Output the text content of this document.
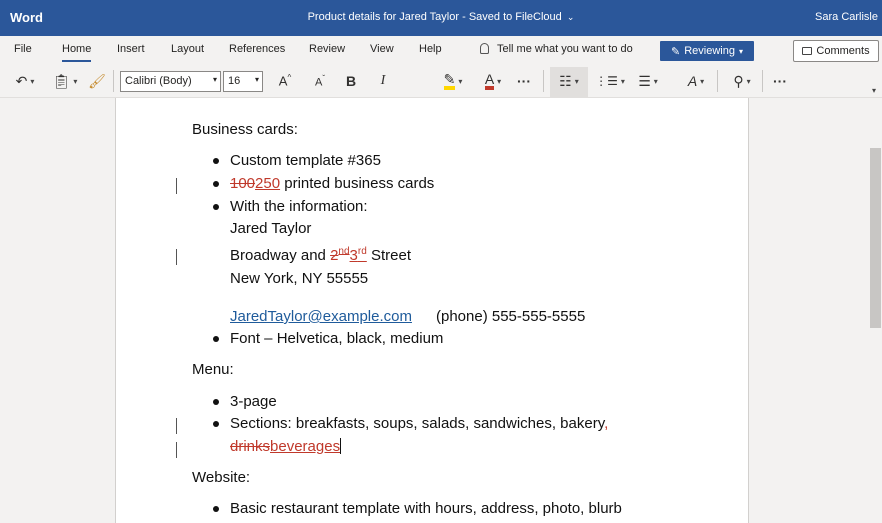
Word	Product details for Jared Taylor - Saved to FileCloud ⌄	Sara Carlisle
File	Home Insert Layout References Review View Help	Tell me what you want to do	✎ Reviewing ▾	Comments
↶ ▾ 📋︎ ▾ 🖌︎	A^ $A^ˇ$ B I	✎ ▾ A ▾ ···	⋮☰ ▾ ☰ ▾ A ▾ ⚲ ▾ ···
☷ ▾
Calibri (Body)	▾	16 ▾
▾
Business cards:
Custom template #365
100250 printed business cards
With the information:
Jared Taylor
Broadway and 2nd3rd Street
New York, NY 55555
JaredTaylor@example.com (phone) 555-555-5555
Font – Helvetica, black, medium
Menu:
3-page
Sections: breakfasts, soups, salads, sandwiches, bakery,
drinksbeverages
Website:
Basic restaurant template with hours, address, photo, blurb
